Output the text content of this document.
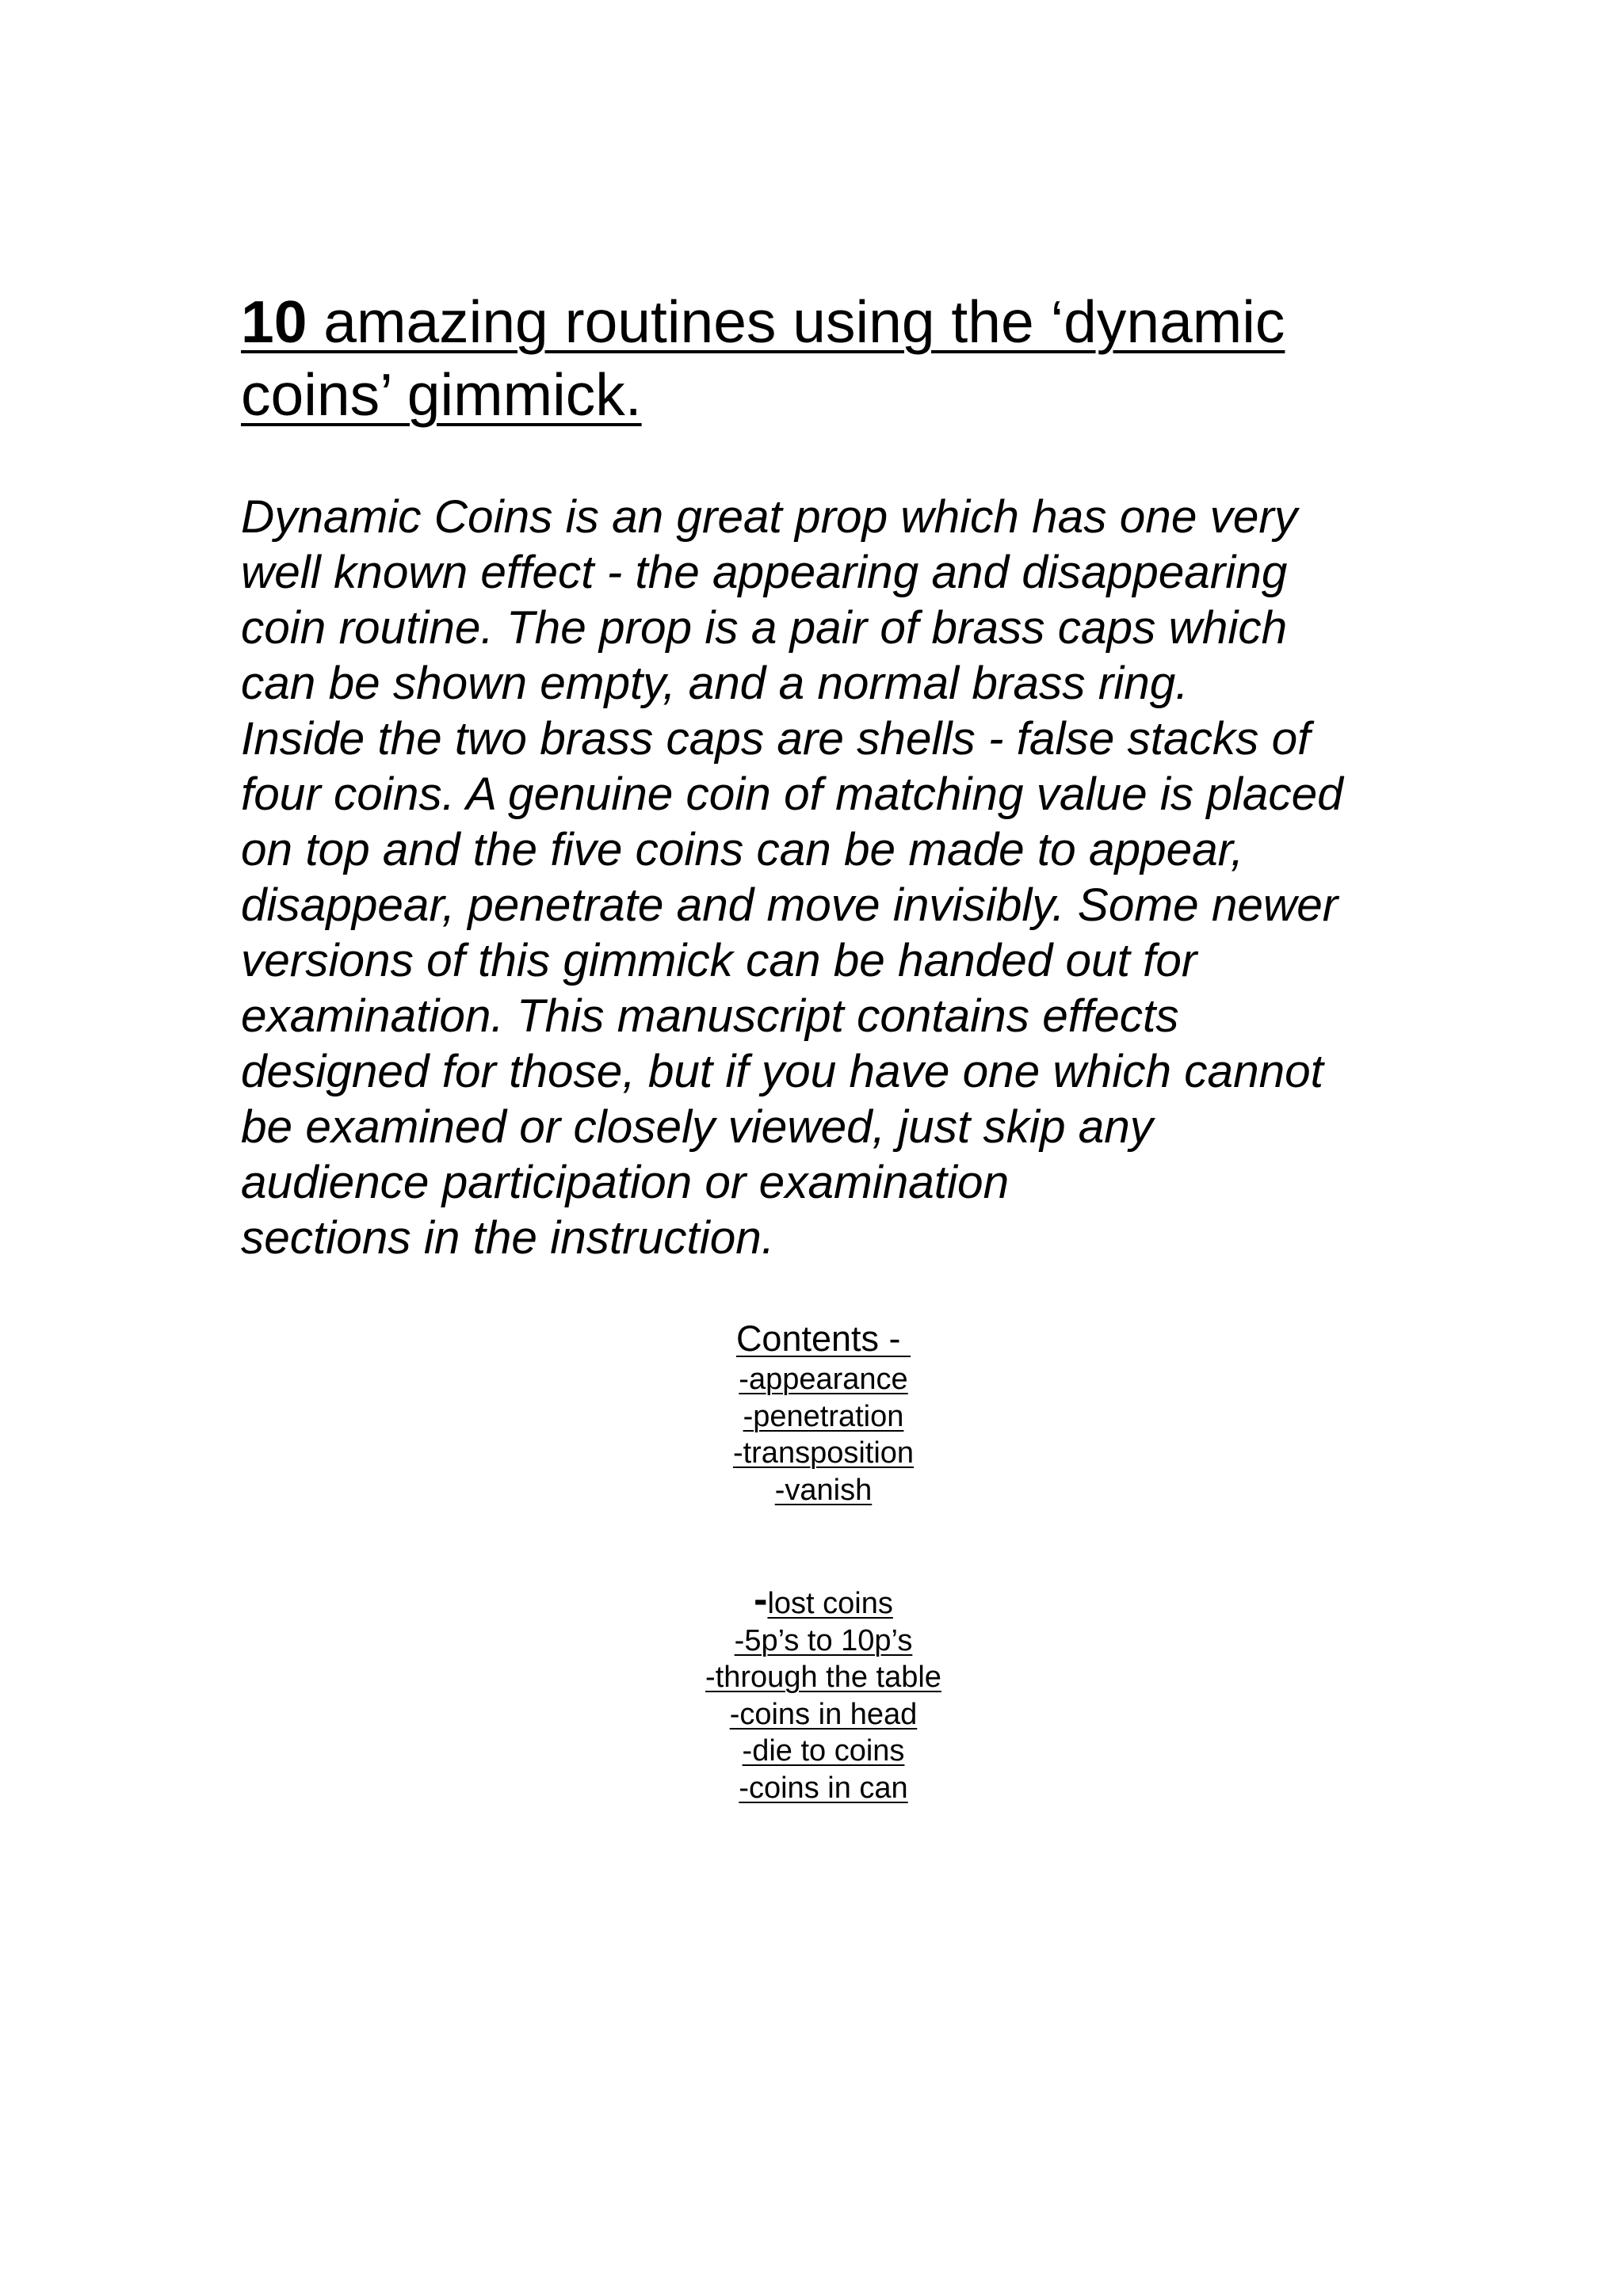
10 amazing routines using the ‘dynamic
coins’ gimmick.

Dynamic Coins is an great prop which has one very
well known effect - the appearing and disappearing
coin routine. The prop is a pair of brass caps which
can be shown empty, and a normal brass ring.
Inside the two brass caps are shells - false stacks of
four coins. A genuine coin of matching value is placed
on top and the five coins can be made to appear,
disappear, penetrate and move invisibly. Some newer
versions of this gimmick can be handed out for
examination. This manuscript contains effects
designed for those, but if you have one which cannot
be examined or closely viewed, just skip any
audience participation or examination
sections in the instruction.

Contents -
-appearance
-penetration
-transposition
-vanish
-lost coins
-5p’s to 10p’s
-through the table
-coins in head
-die to coins
-coins in can
